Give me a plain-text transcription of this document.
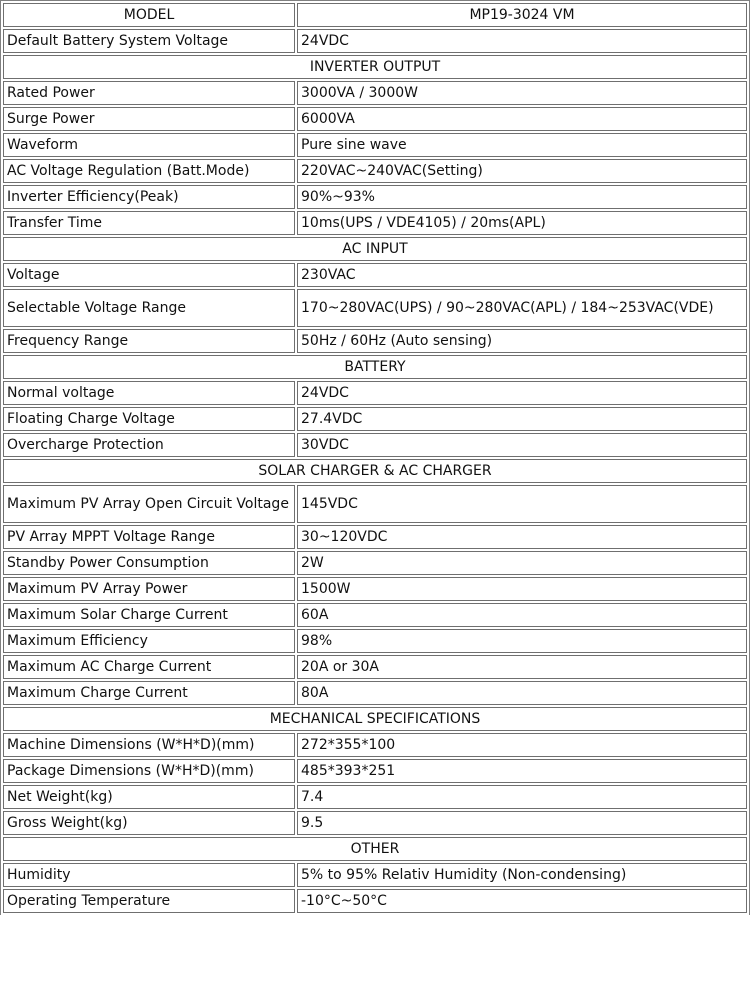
MODEL	MP19-3024 VM
Default Battery System Voltage	24VDC
INVERTER OUTPUT	
Rated Power	3000VA / 3000W
Surge Power	6000VA
Waveform	Pure sine wave
AC Voltage Regulation (Batt.Mode)	220VAC~240VAC(Setting)
Inverter Efficiency(Peak)	90%~93%
Transfer Time	10ms(UPS / VDE4105) / 20ms(APL)
AC INPUT	
Voltage	230VAC
Selectable Voltage Range	170~280VAC(UPS) / 90~280VAC(APL) / 184~253VAC(VDE)
Frequency Range	50Hz / 60Hz (Auto sensing)
BATTERY	
Normal voltage	24VDC
Floating Charge Voltage	27.4VDC
Overcharge Protection	30VDC
SOLAR CHARGER & AC CHARGER	
Maximum PV Array Open Circuit Voltage	145VDC
PV Array MPPT Voltage Range	30~120VDC
Standby Power Consumption	2W
Maximum PV Array Power	1500W
Maximum Solar Charge Current	60A
Maximum Efficiency	98%
Maximum AC Charge Current	20A or 30A
Maximum Charge Current	80A
MECHANICAL SPECIFICATIONS	
Machine Dimensions (W*H*D)(mm)	272*355*100
Package Dimensions (W*H*D)(mm)	485*393*251
Net Weight(kg)	7.4
Gross Weight(kg)	9.5
OTHER	
Humidity	5% to 95% Relativ Humidity (Non-condensing)
Operating Temperature	-10°C~50°C
